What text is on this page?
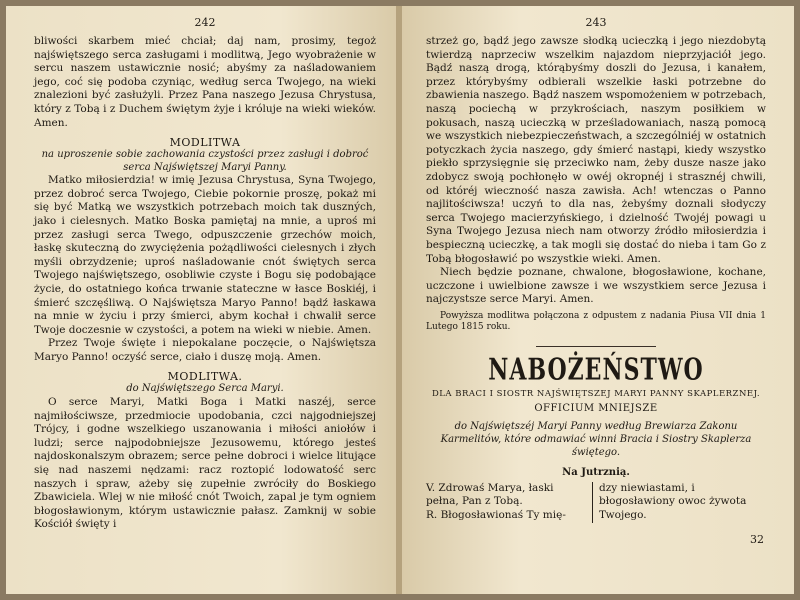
242

bliwości skarbem mieć chciał; daj nam, prosimy, tegoż najświętszego serca zasługami i modlitwą, Jego wyobrażenie w sercu naszem ustawicznie nosić; abyśmy za naśladowaniem jego, coć się podoba czyniąc, według serca Twojego, na wieki znalezioni być zasłużyli. Przez Pana naszego Jezusa Chrystusa, który z Tobą i z Duchem świętym żyje i króluje na wieki wieków. Amen.

MODLITWA
na uproszenie sobie zachowania czystości przez zasługi i dobroć serca Najświętszej Maryi Panny.

Matko miłosierdzia! w imię Jezusa Chrystusa, Syna Twojego, przez dobroć serca Twojego, Ciebie pokornie proszę, pokaż mi się być Matką we wszystkich potrzebach moich tak duszných, jako i cielesnych. Matko Boska pamiętaj na mnie, a uproś mi przez zasługi serca Twego, odpuszczenie grzechów moich, łaskę skuteczną do zwyciężenia pożądliwości cielesnych i złych myśli obrzydzenie; uproś naśladowanie cnót świętych serca Twojego najświętszego, osobliwie czyste i Bogu się podobające życie, do ostatniego końca trwanie stateczne w łasce Boskiéj, i śmierć szczęśliwą. O Najświętsza Maryo Panno! bądź łaskawa na mnie w życiu i przy śmierci, abym kochał i chwalił serce Twoje doczesnie w czystości, a potem na wieki w niebie. Amen.

Przez Twoje święte i niepokalane poczęcie, o Najświętsza Maryo Panno! oczyść serce, ciało i duszę moją. Amen.

MODLITWA.
do Najświętszego Serca Maryi.

O serce Maryi, Matki Boga i Matki naszéj, serce najmiłościwsze, przedmiocie upodobania, czci najgodniejszej Trójcy, i godne wszelkiego uszanowania i miłości aniołów i ludzi; serce najpodobniejsze Jezusowemu, którego jesteś najdoskonalszym obrazem; serce pełne dobroci i wielce litujące się nad naszemi nędzami: racz roztopić lodowatość serc naszych i spraw, ażeby się zupełnie zwróciły do Boskiego Zbawiciela. Wlej w nie miłość cnót Twoich, zapal je tym ogniem błogosławionym, którym ustawicznie pałasz. Zamknij w sobie Kościół święty i

243

strzeż go, bądź jego zawsze słodką ucieczką i jego niezdobytą twierdzą naprzeciw wszelkim najazdom nieprzyjaciół jego. Bądź naszą drogą, którąbyśmy doszli do Jezusa, i kanałem, przez którybyśmy odbierali wszelkie łaski potrzebne do zbawienia naszego. Bądź naszem wspomożeniem w potrzebach, naszą pociechą w przykrościach, naszym posiłkiem w pokusach, naszą ucieczką w prześladowaniach, naszą pomocą we wszystkich niebezpieczeństwach, a szczególniéj w ostatnich potyczkach życia naszego, gdy śmierć nastąpi, kiedy wszystko piekło sprzysięgnie się przeciwko nam, żeby dusze nasze jako zdobycz swoją pochłonęło w owéj okropnéj i strasznéj chwili, od któréj wieczność nasza zawisła. Ach! wtenczas o Panno najlitościwsza! uczyń to dla nas, żebyśmy doznali słodyczy serca Twojego macierzyńskiego, i dzielność Twojéj powagi u Syna Twojego Jezusa niech nam otworzy źródło miłosierdzia i bespieczną ucieczkę, a tak mogli się dostać do nieba i tam Go z Tobą błogosławić po wszystkie wieki. Amen.

Niech będzie poznane, chwalone, błogosławione, kochane, uczczone i uwielbione zawsze i we wszystkiem serce Jezusa i najczystsze serce Maryi. Amen.

Powyższa modlitwa połączona z odpustem z nadania Piusa VII dnia 1 Lutego 1815 roku.

NABOŻEŃSTWO
DLA BRACI I SIOSTR NAJŚWIĘTSZEJ MARYI PANNY SKAPLERZNEJ.
OFFICIUM MNIEJSZE
do Najświętszéj Maryi Panny według Brewiarza Zakonu Karmelitów, które odmawiać winni Bracia i Siostry Skaplerza świętego.
Na Jutrznią.
V. Zdrowaś Marya, łaski pełna, Pan z Tobą.
R. Błogosławionaś Ty mię-
dzy niewiastami, i błogosławiony owoc żywota Twojego.
32
